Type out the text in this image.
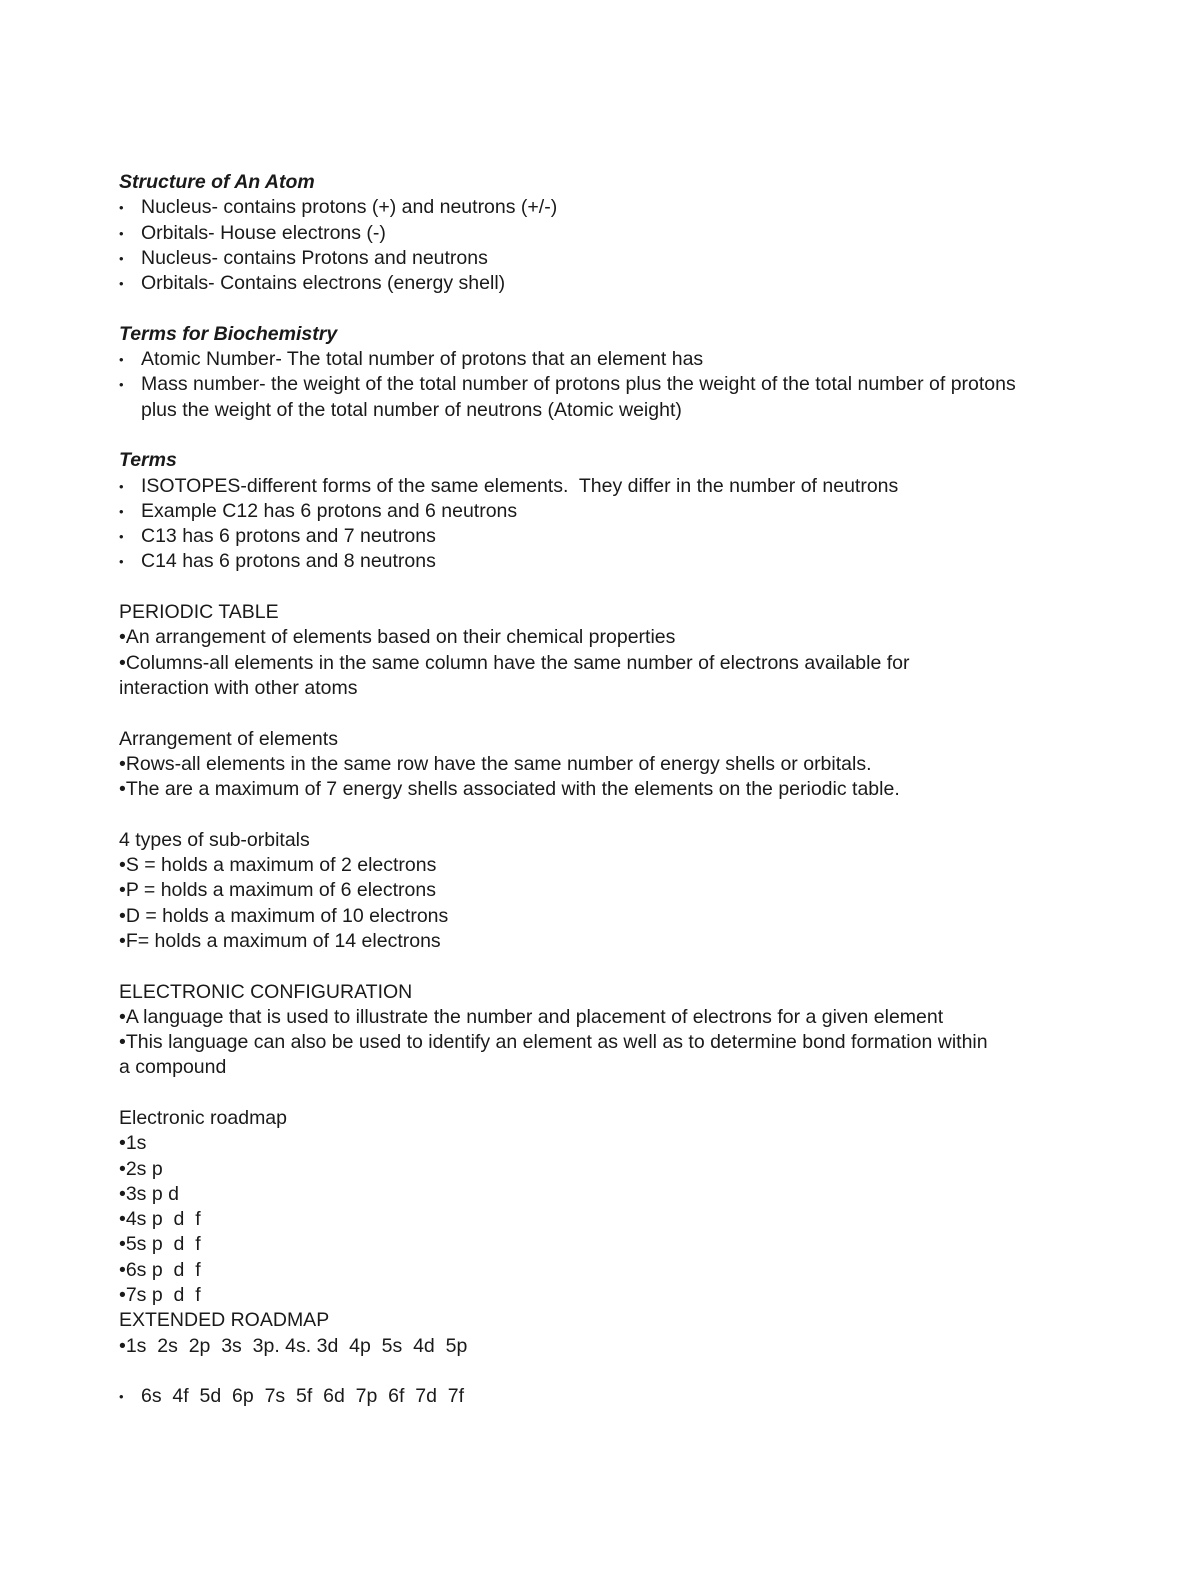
Structure of An Atom
• Nucleus- contains protons (+) and neutrons (+/-)
• Orbitals- House electrons (-)
• Nucleus- contains Protons and neutrons
• Orbitals- Contains electrons (energy shell)
Terms for Biochemistry
• Atomic Number- The total number of protons that an element has
• Mass number- the weight of the total number of protons plus the weight of the total number of protons plus the weight of the total number of neutrons (Atomic weight)
Terms
• ISOTOPES-different forms of the same elements.  They differ in the number of neutrons
• Example C12 has 6 protons and 6 neutrons
• C13 has 6 protons and 7 neutrons
• C14 has 6 protons and 8 neutrons
PERIODIC TABLE
•An arrangement of elements based on their chemical properties
•Columns-all elements in the same column have the same number of electrons available for
interaction with other atoms
Arrangement of elements
•Rows-all elements in the same row have the same number of energy shells or orbitals.
•The are a maximum of 7 energy shells associated with the elements on the periodic table.
4 types of sub-orbitals
•S = holds a maximum of 2 electrons
•P = holds a maximum of 6 electrons
•D = holds a maximum of 10 electrons
•F= holds a maximum of 14 electrons
ELECTRONIC CONFIGURATION
•A language that is used to illustrate the number and placement of electrons for a given element
•This language can also be used to identify an element as well as to determine bond formation within
a compound
Electronic roadmap
•1s
•2s p
•3s p d
•4s p  d  f
•5s p  d  f
•6s p  d  f
•7s p  d  f
EXTENDED ROADMAP
•1s  2s  2p  3s  3p. 4s. 3d  4p  5s  4d  5p
• 6s  4f  5d  6p  7s  5f  6d  7p  6f  7d  7f
